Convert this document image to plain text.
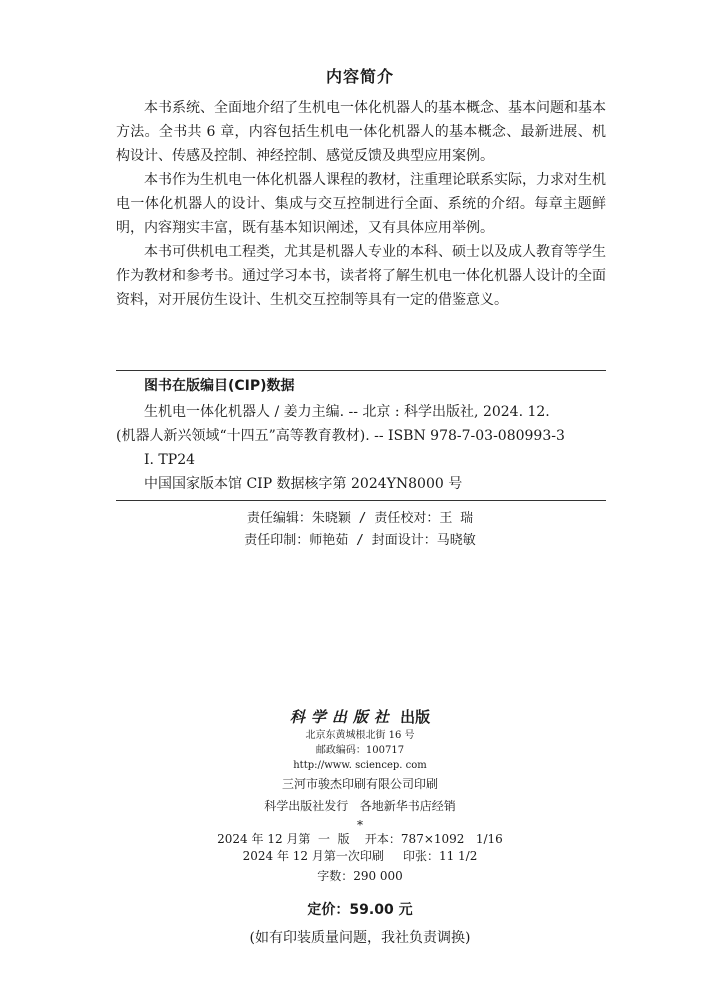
内容简介

本书系统、全面地介绍了生机电一体化机器人的基本概念、基本问题和基本方法。全书共 6 章，内容包括生机电一体化机器人的基本概念、最新进展、机构设计、传感及控制、神经控制、感觉反馈及典型应用案例。

本书作为生机电一体化机器人课程的教材，注重理论联系实际，力求对生机电一体化机器人的设计、集成与交互控制进行全面、系统的介绍。每章主题鲜明，内容翔实丰富，既有基本知识阐述，又有具体应用举例。

本书可供机电工程类，尤其是机器人专业的本科、硕士以及成人教育等学生作为教材和参考书。通过学习本书，读者将了解生机电一体化机器人设计的全面资料，对开展仿生设计、生机交互控制等具有一定的借鉴意义。

图书在版编目(CIP)数据

生机电一体化机器人 / 姜力主编. -- 北京 : 科学出版社, 2024. 12.

(机器人新兴领域“十四五”高等教育教材). -- ISBN 978-7-03-080993-3

Ⅰ. TP24

中国国家版本馆 CIP 数据核字第 2024YN8000 号

责任编辑：朱晓颖 / 责任校对：王 瑞
责任印制：师艳茹 / 封面设计：马晓敏
科学出版社 出版
北京东黄城根北街 16 号
邮政编码：100717
http://www. sciencep. com
三河市骏杰印刷有限公司印刷
科学出版社发行   各地新华书店经销
*
2024 年 12 月第  一  版    开本：787×1092   1/16
2024 年 12 月第一次印刷     印张：11 1/2
字数：290 000
定价：59.00 元
(如有印装质量问题，我社负责调换)
